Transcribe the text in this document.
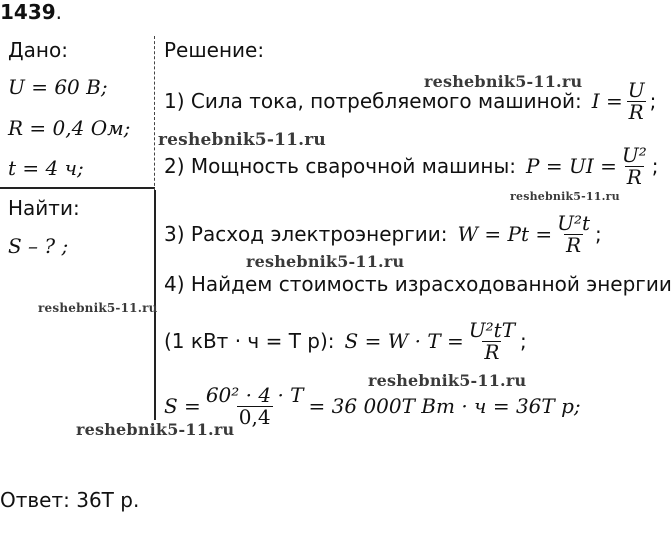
1439.
Дано:
U = 60 В;
R = 0,4 Ом;
t = 4 ч;
Найти:
S – ? ;
Решение:
1) Сила тока, потребляемого машиной: $I = \frac{U}{R}$ ;
2) Мощность сварочной машины: P = UI = $\frac{\text{U²}}{R}$ ;
3) Расход электроэнергии: $W = Pt = \frac{\text{U²t}}{R}$ ;
4) Найдем стоимость израсходованной энергии
(1 кВт · ч = T р): $S = W \cdot T = \frac{\text{U²tT}}{R}$ ;
$S = \frac{\text{60² · 4 · T}}{0,4} = 36$ 000T Вт · ч = 36T р;
Ответ: 36T р.
reshebnik5-11.ru
reshebnik5-11.ru
reshebnik5-11.ru
reshebnik5-11.ru
reshebnik5-11.ru
reshebnik5-11.ru
reshebnik5-11.ru
